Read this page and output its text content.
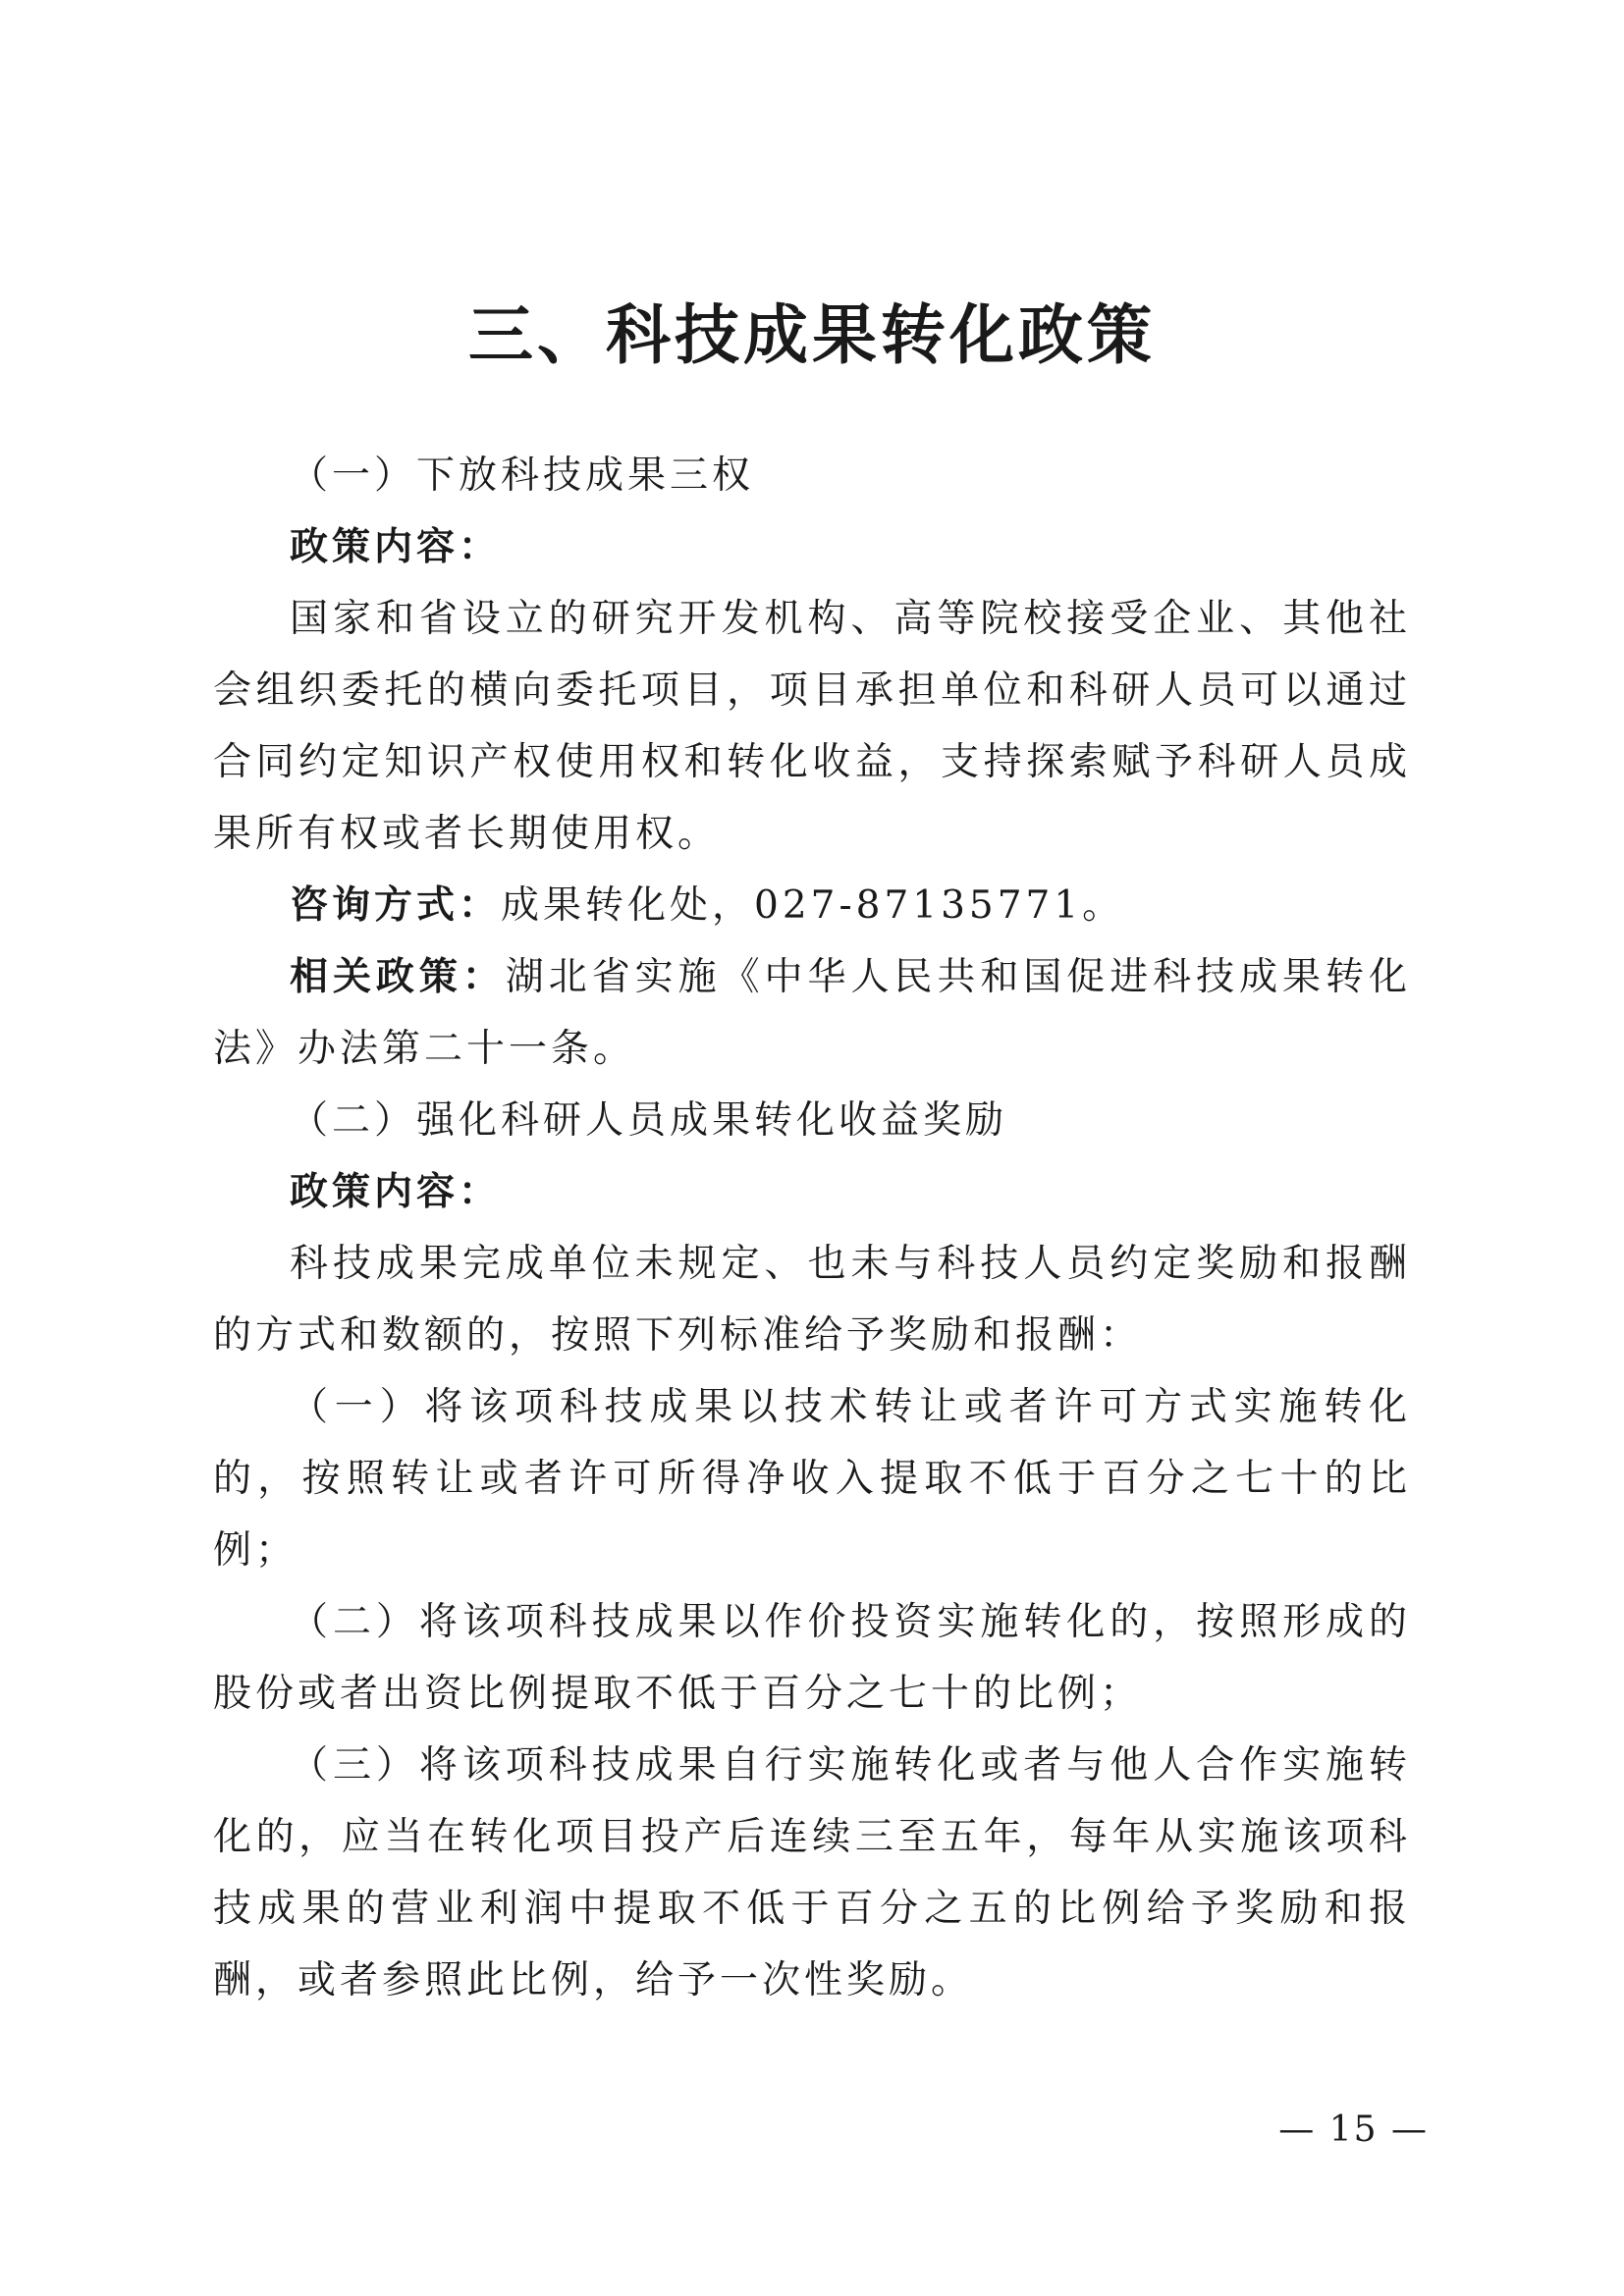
三、科技成果转化政策

（一）下放科技成果三权

政策内容：

国家和省设立的研究开发机构、高等院校接受企业、其他社会组织委托的横向委托项目，项目承担单位和科研人员可以通过合同约定知识产权使用权和转化收益，支持探索赋予科研人员成果所有权或者长期使用权。

咨询方式：成果转化处，027-87135771。

相关政策：湖北省实施《中华人民共和国促进科技成果转化法》办法第二十一条。

（二）强化科研人员成果转化收益奖励

政策内容：

科技成果完成单位未规定、也未与科技人员约定奖励和报酬的方式和数额的，按照下列标准给予奖励和报酬：

（一）将该项科技成果以技术转让或者许可方式实施转化的，按照转让或者许可所得净收入提取不低于百分之七十的比例；

（二）将该项科技成果以作价投资实施转化的，按照形成的股份或者出资比例提取不低于百分之七十的比例；

（三）将该项科技成果自行实施转化或者与他人合作实施转化的，应当在转化项目投产后连续三至五年，每年从实施该项科技成果的营业利润中提取不低于百分之五的比例给予奖励和报酬，或者参照此比例，给予一次性奖励。

— 15 —
